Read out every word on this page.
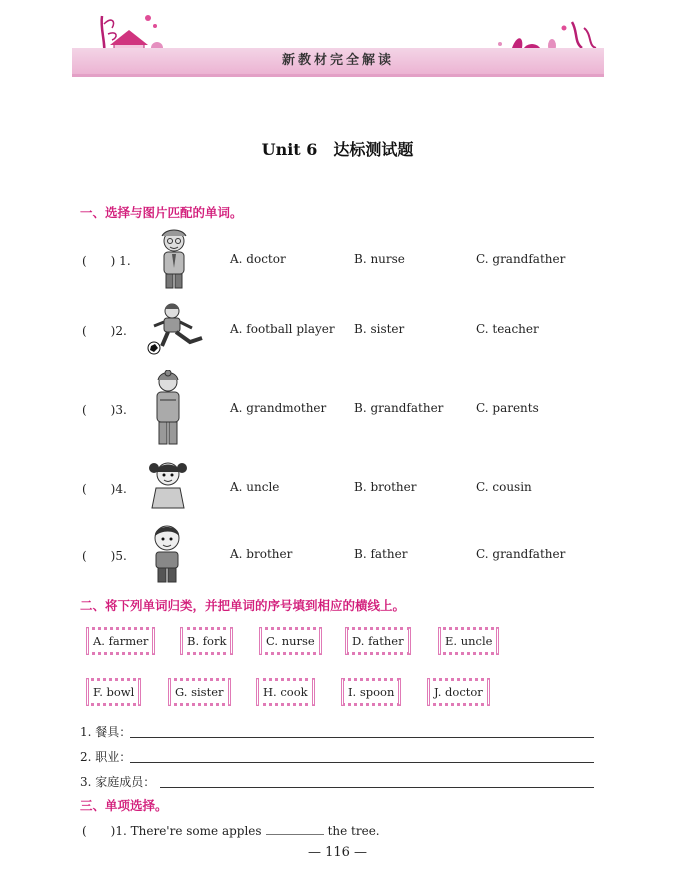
新教材完全解读
Unit 6　达标测试题
一、选择与图片匹配的单词。
(　　) 1.	A. doctor	B. nurse	C. grandfather
(　　)2.	A. football player B. sister	C. teacher
(　　)3.	A. grandmother B. grandfather	C. parents
(　　)4.	A. uncle	B. brother	C. cousin
(　　)5.	A. brother	B. father	C. grandfather
二、将下列单词归类，并把单词的序号填到相应的横线上。
A. farmer	B. fork	C. nurse	D. father	E. uncle
F. bowl	G. sister	H. cook	I. spoon	J. doctor
1. 餐具：
2. 职业：
3. 家庭成员：
三、单项选择。
(　　)1. There're some apples	the tree.
— 116 —
